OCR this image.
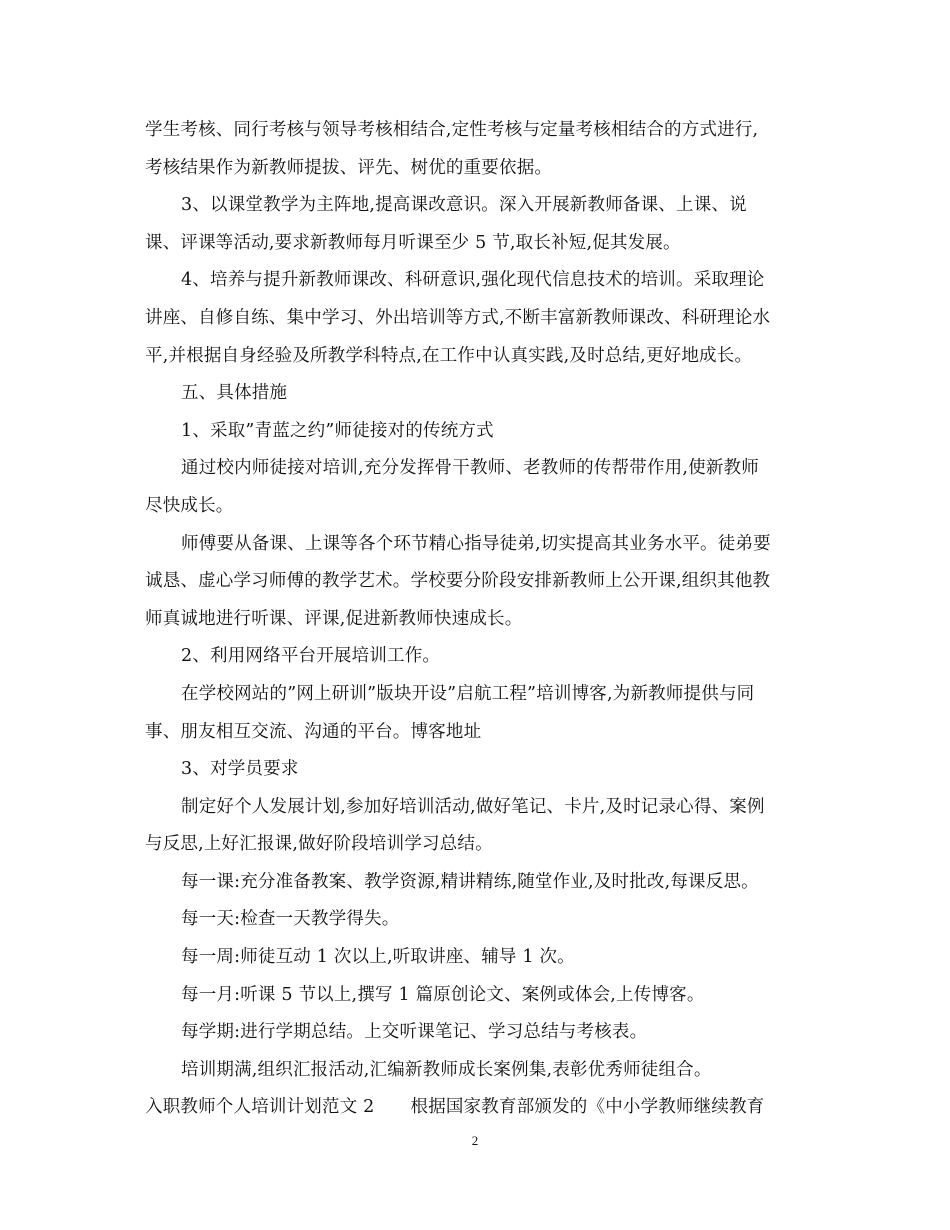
学生考核、同行考核与领导考核相结合,定性考核与定量考核相结合的方式进行,
考核结果作为新教师提拔、评先、树优的重要依据。
3、以课堂教学为主阵地,提高课改意识。深入开展新教师备课、上课、说
课、评课等活动,要求新教师每月听课至少 5 节,取长补短,促其发展。
4、培养与提升新教师课改、科研意识,强化现代信息技术的培训。采取理论
讲座、自修自练、集中学习、外出培训等方式,不断丰富新教师课改、科研理论水
平,并根据自身经验及所教学科特点,在工作中认真实践,及时总结,更好地成长。
五、具体措施
1、采取”青蓝之约”师徒接对的传统方式
通过校内师徒接对培训,充分发挥骨干教师、老教师的传帮带作用,使新教师
尽快成长。
师傅要从备课、上课等各个环节精心指导徒弟,切实提高其业务水平。徒弟要
诚恳、虚心学习师傅的教学艺术。学校要分阶段安排新教师上公开课,组织其他教
师真诚地进行听课、评课,促进新教师快速成长。
2、利用网络平台开展培训工作。
在学校网站的”网上研训”版块开设”启航工程”培训博客,为新教师提供与同
事、朋友相互交流、沟通的平台。博客地址
3、对学员要求
制定好个人发展计划,参加好培训活动,做好笔记、卡片,及时记录心得、案例
与反思,上好汇报课,做好阶段培训学习总结。
每一课:充分准备教案、教学资源,精讲精练,随堂作业,及时批改,每课反思。
每一天:检查一天教学得失。
每一周:师徒互动 1 次以上,听取讲座、辅导 1 次。
每一月:听课 5 节以上,撰写 1 篇原创论文、案例或体会,上传博客。
每学期:进行学期总结。上交听课笔记、学习总结与考核表。
培训期满,组织汇报活动,汇编新教师成长案例集,表彰优秀师徒组合。
入职教师个人培训计划范文 2 根据国家教育部颁发的《中小学教师继续教育
2
